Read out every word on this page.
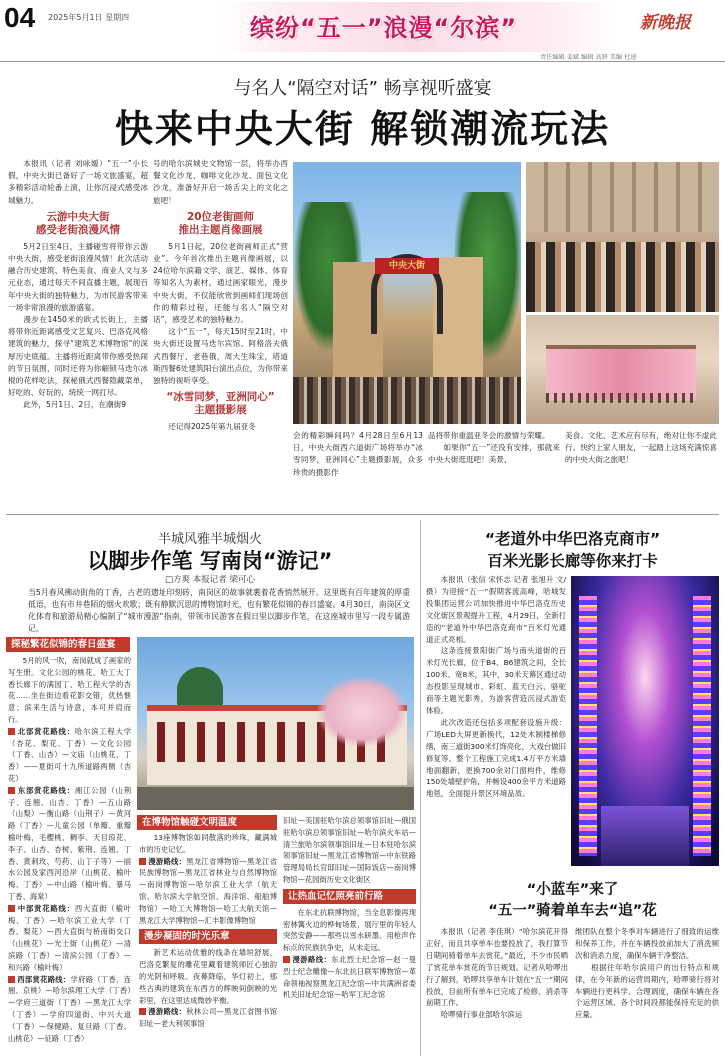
04 2025年5月1日 星期四	缤纷“五一”浪漫“尔滨”	新晚报
责任编辑 姜斌 编辑 高妍 美编 杜速
与名人“隔空对话” 畅享视听盛宴
快来中央大街 解锁潮流玩法

本报讯（记者 刘咏嫒）“五一”小长假，中央大街已备好了一场文旅盛宴，超多精彩活动轮番上演，让你沉浸式感受冰城魅力。

云游中央大街
感受老街浪漫风情

5月2日至4日，主播碰雪将带你云游中央大街，感受老街浪漫风情！此次活动融合历史建筑、特色美食、商业人文与多元业态，通过每天不间直播主题，展现百年中央大街的独特魅力，为市民游客带来一场非常浪漫的旅游盛宴。

漫步在1450米的欧式长街上，主播将带你近距离感受文艺复兴、巴洛克风格建筑的魅力，探寻“建筑艺术博物馆”的深厚历史底蕴。主播将近距离带你感受热闹的节日氛围，同时还将为你解锁马迭尔冰棍的花样吃法，探秘俄式西餐隐藏菜单，好吃的、好玩的，统统一网打尽。

此外，5月1日、2日，在潮街9

号的哈尔滨城史文物馆一层，将举办西餐文化沙龙、咖啡文化沙龙、面包文化沙龙，准备好开启一场舌尖上的文化之旅吧！

20位老街画师
推出主题肖像画展

5月1日起，20位老街画师正式“营业”。今年首次推出主题肖像画展，以24位哈尔滨籍文学、演艺、媒体、体育等知名人为素材，通过画家眼光，漫步中央大街，不仅能欣赏到画师们现场创作的精彩过程，还能与名人“隔空对话”，感受艺术的独特魅力。

这个“五一”，每天15时至21时，中央大街还设置马迭尔宾馆、阿格洛夫俄式西餐厅、老巷俄，周大生珠宝，塔道斯西餐6处建筑阳台演出点位，为你带来独特的视听享受。

“冰雪同梦，亚洲同心”
主题摄影展

还记得2025年第九届亚冬

中央大街

会的精彩瞬间吗？4月28日至6月13日，中央大街西六道街广场将举办“冰雪同梦，亚洲同心”主题摄影展，众多珍贵的摄影作

品将带你重温亚冬会的激情与荣耀。
　　如果你“五一”还没有安排，那就来中央大街逛逛吧！美景、

美食、文化、艺术应有尽有，绝对让你不虚此行。快约上家人朋友，一起踏上这场充满惊喜的中央大街之旅吧！

半城风雅半城烟火
以脚步作笔 写南岗“游记”
□方爽 本报记者 梁可心
当5月春风拂动街角的丁香，古老的遗址印刻砖，南岗区的故事就裹着花香悄然展开。这里既有百年建筑的厚重低语，也有市井巷陌的烟火欢歌；既有静默沉思的博物馆时光，也有繁花似锦的春日盛宴。4月30日，南岗区文化体育和旅游局精心编制了“城市漫游”指南，带领市民游客在假日里以脚步作笔，在这座城市里写一段专属游记。
探秘繁花似锦的春日盛宴

5月的风一吹，南岗就成了画家的写生册。文化公园的桃花、哈工大丁香长廊下的满园丁、哈工程大学的杏花……坐在街边看花影交错，优热惬意；滨来生活与诗意，本可并肩而行。

北部赏花路线：哈尔滨工程大学（杏花、梨花、丁香）—文化公园（丁香、山杏）—文庙（山桃花、丁香）——夏街可十九所道路两侧（杏花）

东部赏花路线：湘江公园（山荆子、连翘、山杏、丁香）—五山路（山梨）—衡山路（山荆子）—黄河路（丁香）—儿童公园（单瓣、重瓣榆叶梅，毛樱桃、稠李、天目琼花、李子、山杏、杏树、紫荆、连翘、丁香、黄刺玫、芍药、山丁子等）—丽水公园及家西河沿岸（山桃花、榆叶梅、丁香）—中山路（榆叶梅、暴马丁香、海棠）

中部赏花路线：西大直街（榆叶梅、丁香）—哈尔滨工业大学（丁香、梨花）—西大直街与桥南街交口（山桃花）—光士街（山桃花）—清滨路（丁香）—清滨公园（丁香）—和兴路（榆叶梅）

西部赏花路线：学府路（丁香、连翘、京桃）—哈尔滨理工大学（丁香）—学府三道街（丁香）—黑龙江大学（丁香）—学府四道街、中兴大道（丁香）—保健路、复旦路（丁香、山桃花）—征路（丁香）

在博物馆触碰文明温度

13座博物馆如同散落的珍珠，藏满城市的历史记忆。

漫游路线：黑龙江省博物馆—黑龙江省民族博物馆—黑龙江省林业与自然博物馆—南岗博物馆—哈尔滨工业大学（航天馆、哈尔滨大学航空馆、海洋馆、船舶博物馆）—哈工大博物馆—哈工大航天馆—黑龙江大学博物馆—汇丰影像博物馆

漫步凝固的时光乐章

新艺术运动优雅的线条在墙垣舒展，巴洛克繁复的雕花里藏着建筑师匠心独韵的光阴和呼吸。夜幕降临，华灯初上，那些古典的建筑在东西方的辉映间倒映的光彩里，在这里达成微妙平衡。

漫游路线：秋林公司—黑龙江省图书馆旧址—老大利领事馆

旧址—美国驻哈尔滨总领事馆旧址—俄国驻哈尔滨总领事馆旧址—哈尔滨火车站—清兰旅哈尔滨领事馆旧址—日本驻哈尔滨领事馆旧址—黑龙江省博物馆—中东铁路管理局局长官邸旧址—国际饭店—南岗博物馆—花园街历史文化街区

让热血记忆照亮前行路

在东北抗联博物馆，当全息影像再现密林篝火边的桦甸场景，展厅里的年轻人突然安静——那些以雪水研墨、用枪声作标点的民族抗争史，从未走远。

漫游路线：东北烈士纪念馆—赵一曼烈士纪念雕像—东北抗日联军博物馆—革命领袖视察黑龙江纪念馆—中共满洲省委机关旧址纪念馆—哈军工纪念馆

“老道外中华巴洛克商市”
百米光影长廊等你来打卡

本报讯（张信 宋怀志 记者 张旭升 文/摄）为迎接“五一”假期客流高峰，哈城发投集团运营公司加快推进中华巴洛克历史文化街区景观提升工程，4月29日，全新打造的“老道外中华巴洛克商市”百米灯光通道正式亮相。

这条连接景阳街广场与南头道街的百米灯光长廊，位于B4、B6建筑之间，全长100米、宽8米，其中，30米天幕区通过动态投影呈现城市、彩虹、蓝天白云、骆驼商等主题光影秀，为游客营造沉浸式游览体验。

此次改造还包括多项配套设施升级：广场LED大屏更新换代，12处木制楼梯修缮，南三道街300米灯饰亮化，大戏台做旧修复等。整个工程施工完成1.4万平方米墙地面翻新，更换700余对门窗构件，维修150处墙壁护角，并畅设400余平方米道路地毯，全面提升景区环境品质。

“小蓝车”来了
“五一”骑着单车去“追”花

本报讯（记者 李佳琪）“哈尔滨花开得正好，而且共享单车也要投放了，我打算节日期间骑着单车去赏花。”最近，不少市民晒了赏花单车赏花的节日规划。记者从哈啰出行了解到，哈啰共享单车计划在“五一”期间投放，目前所有单车已完成了检修、消杀等前期工作。
　　哈啰骑行事业部哈尔滨运

维团队在整个冬季对车辆进行了细致的运维和保养工作，并在车辆投放前加大了消洗频次和消杀力度，确保车辆干净整洁。
　　根据往年哈尔滨用户的出行特点和规律，在今年新的运营周期内，哈啰骑行将对车辆进行更科学、合理调度，确保车辆在各个运营区域、各个时间段都能保持充足的供应量。
